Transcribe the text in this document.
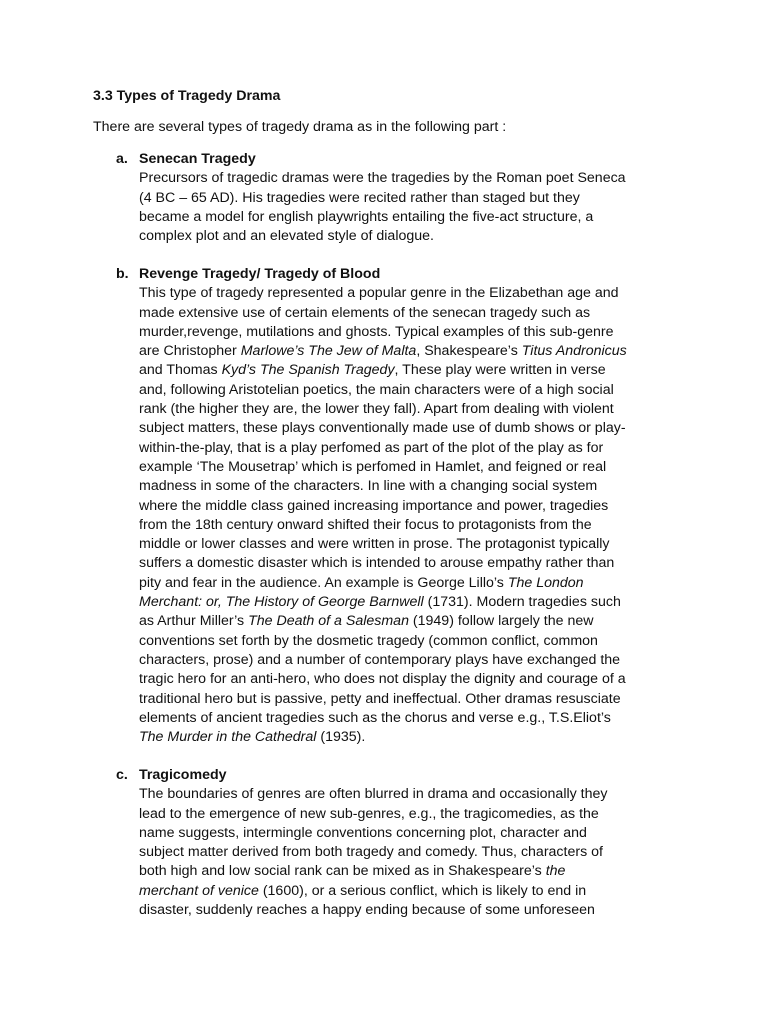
3.3 Types of Tragedy Drama

There are several types of tragedy drama as in the following part :

a. Senecan Tragedy
Precursors of tragedic dramas were the tragedies by the Roman poet Seneca
(4 BC – 65 AD). His tragedies were recited rather than staged but they
became a model for english playwrights entailing the five-act structure, a
complex plot and an elevated style of dialogue.
b. Revenge Tragedy/ Tragedy of Blood
This type of tragedy represented a popular genre in the Elizabethan age and
made extensive use of certain elements of the senecan tragedy such as
murder,revenge, mutilations and ghosts. Typical examples of this sub-genre
are Christopher Marlowe’s The Jew of Malta, Shakespeare’s Titus Andronicus
and Thomas Kyd’s The Spanish Tragedy, These play were written in verse
and, following Aristotelian poetics, the main characters were of a high social
rank (the higher they are, the lower they fall). Apart from dealing with violent
subject matters, these plays conventionally made use of dumb shows or play-
within-the-play, that is a play perfomed as part of the plot of the play as for
example ‘The Mousetrap’ which is perfomed in Hamlet, and feigned or real
madness in some of the characters. In line with a changing social system
where the middle class gained increasing importance and power, tragedies
from the 18th century onward shifted their focus to protagonists from the
middle or lower classes and were written in prose. The protagonist typically
suffers a domestic disaster which is intended to arouse empathy rather than
pity and fear in the audience. An example is George Lillo’s The London
Merchant: or, The History of George Barnwell (1731). Modern tragedies such
as Arthur Miller’s The Death of a Salesman (1949) follow largely the new
conventions set forth by the dosmetic tragedy (common conflict, common
characters, prose) and a number of contemporary plays have exchanged the
tragic hero for an anti-hero, who does not display the dignity and courage of a
traditional hero but is passive, petty and ineffectual. Other dramas resusciate
elements of ancient tragedies such as the chorus and verse e.g., T.S.Eliot’s
The Murder in the Cathedral (1935).
c. Tragicomedy
The boundaries of genres are often blurred in drama and occasionally they
lead to the emergence of new sub-genres, e.g., the tragicomedies, as the
name suggests, intermingle conventions concerning plot, character and
subject matter derived from both tragedy and comedy. Thus, characters of
both high and low social rank can be mixed as in Shakespeare’s the
merchant of venice (1600), or a serious conflict, which is likely to end in
disaster, suddenly reaches a happy ending because of some unforeseen
